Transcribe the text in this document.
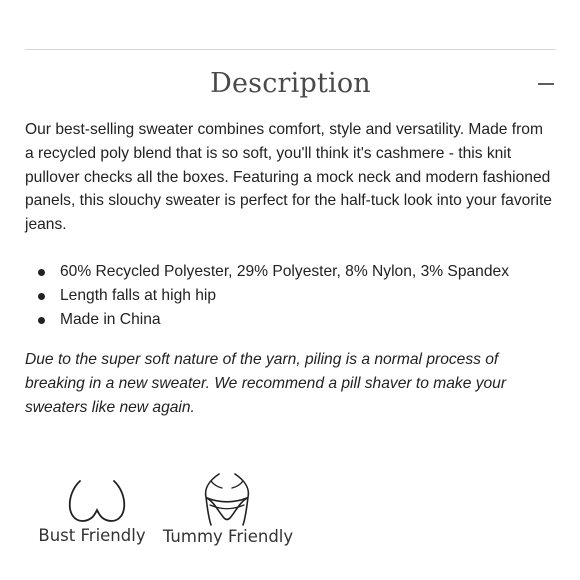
Description

Our best-selling sweater combines comfort, style and versatility. Made from a recycled poly blend that is so soft, you'll think it's cashmere - this knit pullover checks all the boxes. Featuring a mock neck and modern fashioned panels, this slouchy sweater is perfect for the half-tuck look into your favorite jeans.

60% Recycled Polyester, 29% Polyester, 8% Nylon, 3% Spandex
Length falls at high hip
Made in China

Due to the super soft nature of the yarn, piling is a normal process of breaking in a new sweater. We recommend a pill shaver to make your sweaters like new again.

Bust Friendly Tummy Friendly
